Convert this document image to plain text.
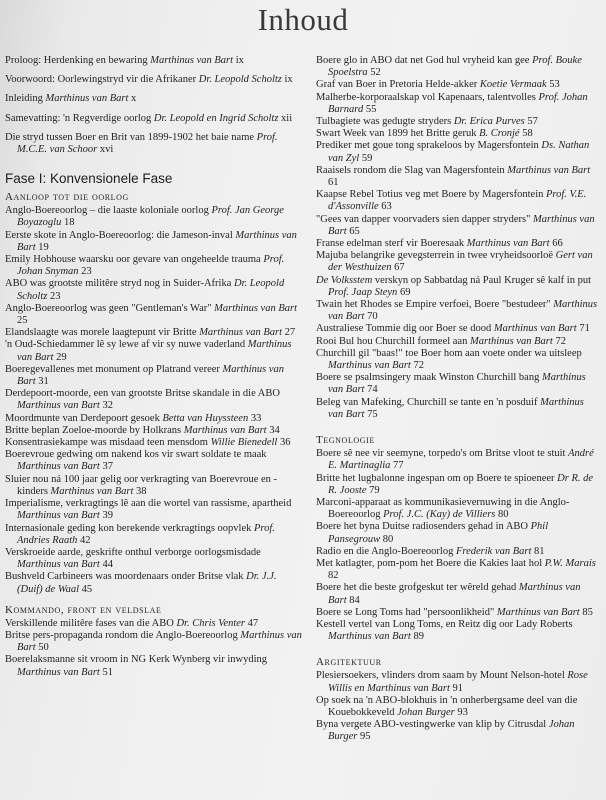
Inhoud
Proloog: Herdenking en bewaring Marthinus van Bart ix
Voorwoord: Oorlewingstryd vir die Afrikaner Dr. Leopold Scholtz ix
Inleiding Marthinus van Bart x
Samevatting: 'n Regverdige oorlog Dr. Leopold en Ingrid Scholtz xii
Die stryd tussen Boer en Brit van 1899-1902 het baie name Prof. M.C.E. van Schoor xvi
Fase I: Konvensionele Fase
Aanloop tot die oorlog
Anglo-Boereoorlog – die laaste koloniale oorlog Prof. Jan George Boyazoglu 18
Eerste skote in Anglo-Boereoorlog: die Jameson-inval Marthinus van Bart 19
Emily Hobhouse waarsku oor gevare van ongeheelde trauma Prof. Johan Snyman 23
ABO was grootste militêre stryd nog in Suider-Afrika Dr. Leopold Scholtz 23
Anglo-Boereoorlog was geen "Gentleman's War" Marthinus van Bart 25
Elandslaagte was morele laagtepunt vir Britte Marthinus van Bart 27
'n Oud-Schiedammer lê sy lewe af vir sy nuwe vaderland Marthinus van Bart 29
Boeregevallenes met monument op Platrand vereer Marthinus van Bart 31
Derdepoort-moorde, een van grootste Britse skandale in die ABO Marthinus van Bart 32
Moordmunte van Derdepoort gesoek Betta van Huyssteen 33
Britte beplan Zoeloe-moorde by Holkrans Marthinus van Bart 34
Konsentrasiekampe was misdaad teen mensdom Willie Bienedell 36
Boerevroue gedwing om nakend kos vir swart soldate te maak Marthinus van Bart 37
Sluier nou ná 100 jaar gelig oor verkragting van Boerevroue en -kinders Marthinus van Bart 38
Imperialisme, verkragtings lê aan die wortel van rassisme, apartheid Marthinus van Bart 39
Internasionale geding kon berekende verkragtings oopvlek Prof. Andries Raath 42
Verskroeide aarde, geskrifte onthul verborge oorlogsmisdade Marthinus van Bart 44
Bushveld Carbineers was moordenaars onder Britse vlak Dr. J.J. (Duif) de Waal 45
Kommando, front en veldslae
Verskillende militêre fases van die ABO Dr. Chris Venter 47
Britse pers-propaganda rondom die Anglo-Boereoorlog Marthinus van Bart 50
Boerelaksmanne sit vroom in NG Kerk Wynberg vir inwyding Marthinus van Bart 51
Boere glo in ABO dat net God hul vryheid kan gee Prof. Bouke Spoelstra 52
Graf van Boer in Pretoria Helde-akker Koetie Vermaak 53
Malherbe-korporaalskap vol Kapenaars, talentvolles Prof. Johan Barnard 55
Tulbagiete was gedugte stryders Dr. Erica Purves 57
Swart Week van 1899 het Britte geruk B. Cronjé 58
Prediker met goue tong sprakeloos by Magersfontein Ds. Nathan van Zyl 59
Raaisels rondom die Slag van Magersfontein Marthinus van Bart 61
Kaapse Rebel Totius veg met Boere by Magersfontein Prof. V.E. d'Assonville 63
"Gees van dapper voorvaders sien dapper stryders" Marthinus van Bart 65
Franse edelman sterf vir Boeresaak Marthinus van Bart 66
Majuba belangrike gevegsterrein in twee vryheidsoorloë Gert van der Westhuizen 67
De Volksstem verskyn op Sabbatdag ná Paul Kruger sê kalf in put Prof. Jaap Steyn 69
Twain het Rhodes se Empire verfoei, Boere "bestudeer" Marthinus van Bart 70
Australiese Tommie dig oor Boer se dood Marthinus van Bart 71
Rooi Bul hou Churchill formeel aan Marthinus van Bart 72
Churchill gil "baas!" toe Boer hom aan voete onder wa uitsleep Marthinus van Bart 72
Boere se psalmsingery maak Winston Churchill bang Marthinus van Bart 74
Beleg van Mafeking, Churchill se tante en 'n posduif Marthinus van Bart 75
Tegnologie
Boere sê nee vir seemyne, torpedo's om Britse vloot te stuit André E. Martinaglia 77
Britte het lugbalonne ingespan om op Boere te spioeneer Dr R. de R. Jooste 79
Marconi-apparaat as kommunikasievernuwing in die Anglo-Boereoorlog Prof. J.C. (Kay) de Villiers 80
Boere het byna Duitse radiosenders gehad in ABO Phil Pansegrouw 80
Radio en die Anglo-Boereoorlog Frederik van Bart 81
Met katlagter, pom-pom het Boere die Kakies laat hol P.W. Marais 82
Boere het die beste grofgeskut ter wêreld gehad Marthinus van Bart 84
Boere se Long Toms had "persoonlikheid" Marthinus van Bart 85
Kestell vertel van Long Toms, en Reitz dig oor Lady Roberts Marthinus van Bart 89
Argitektuur
Plesiersoekers, vlinders drom saam by Mount Nelson-hotel Rose Willis en Marthinus van Bart 91
Op soek na 'n ABO-blokhuis in 'n onherbergsame deel van die Kouebokkeveld Johan Burger 93
Byna vergete ABO-vestingwerke van klip by Citrusdal Johan Burger 95
